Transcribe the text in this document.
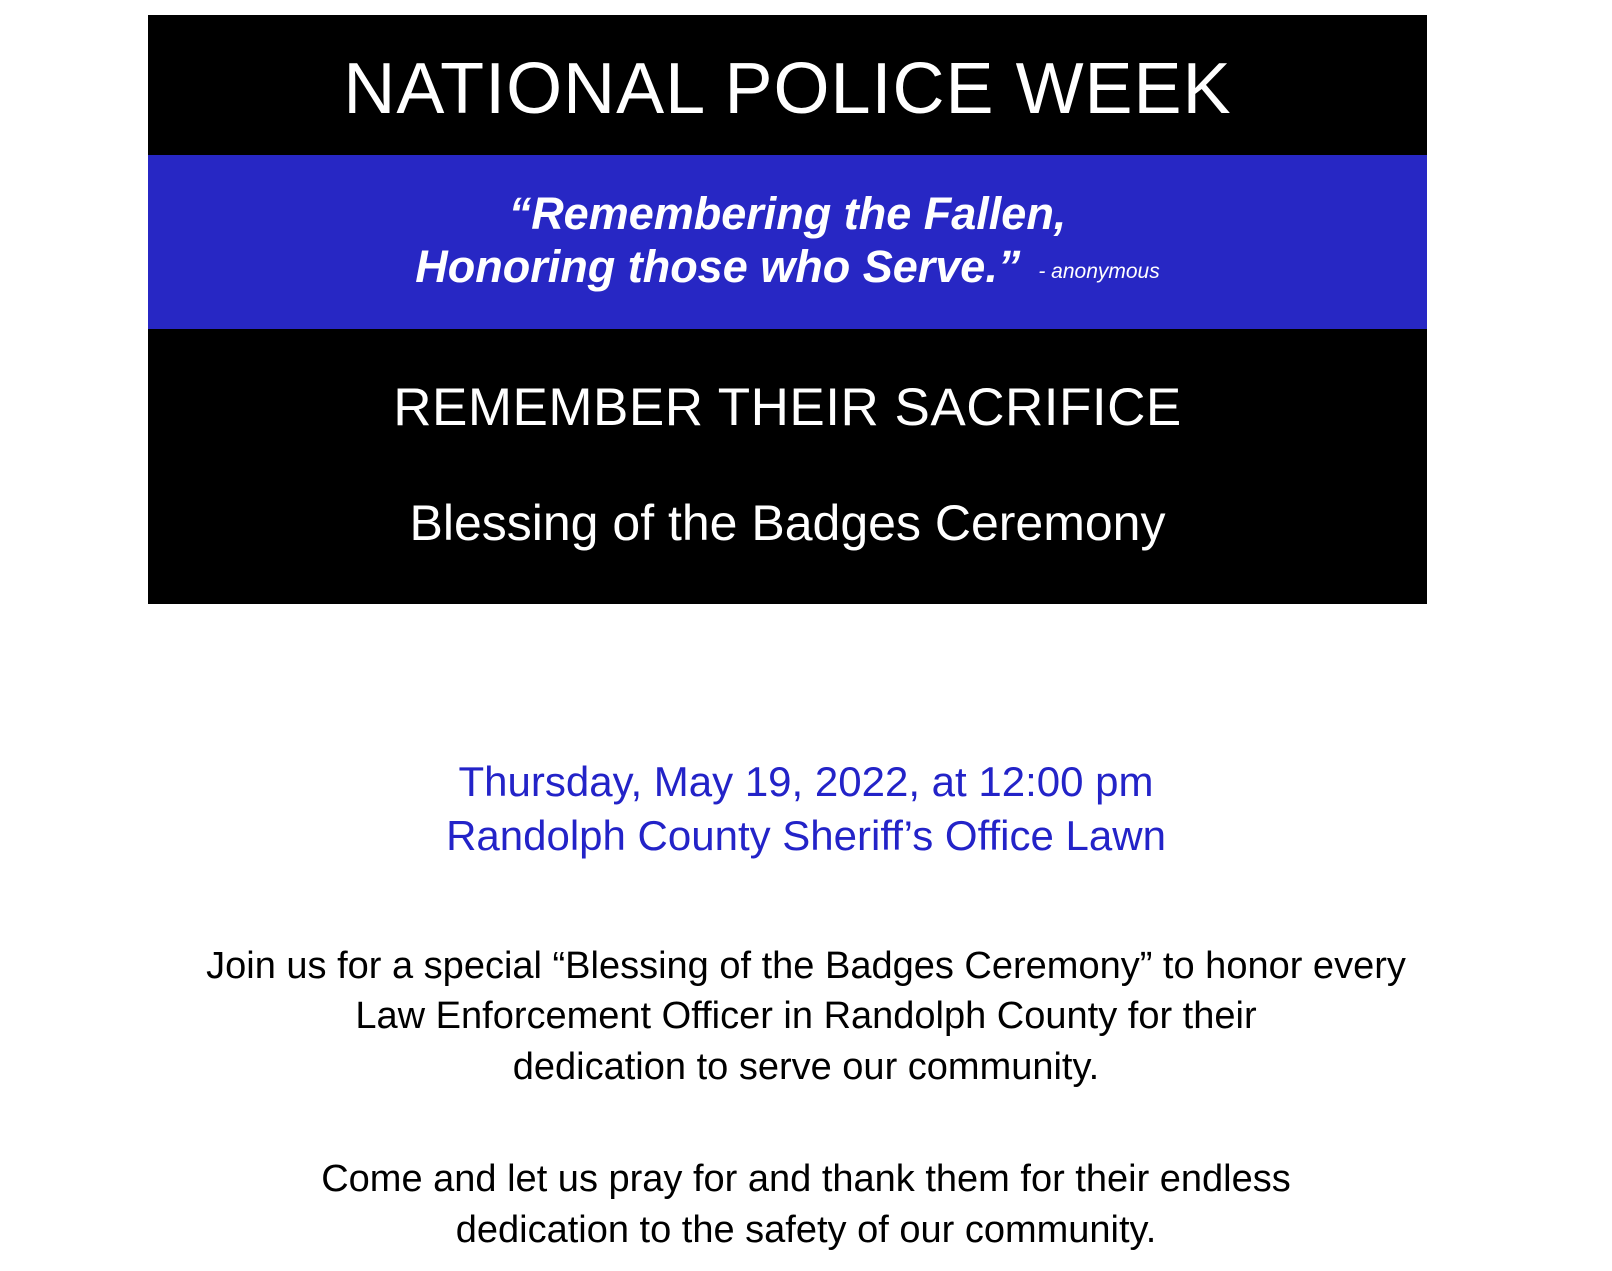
NATIONAL POLICE WEEK

“Remembering the Fallen,

Honoring those who Serve.” - anonymous

REMEMBER THEIR SACRIFICE

Blessing of the Badges Ceremony

Thursday, May 19, 2022, at 12:00 pm
Randolph County Sheriff’s Office Lawn

Join us for a special “Blessing of the Badges Ceremony” to honor every
Law Enforcement Officer in Randolph County for their
dedication to serve our community.

Come and let us pray for and thank them for their endless
dedication to the safety of our community.
